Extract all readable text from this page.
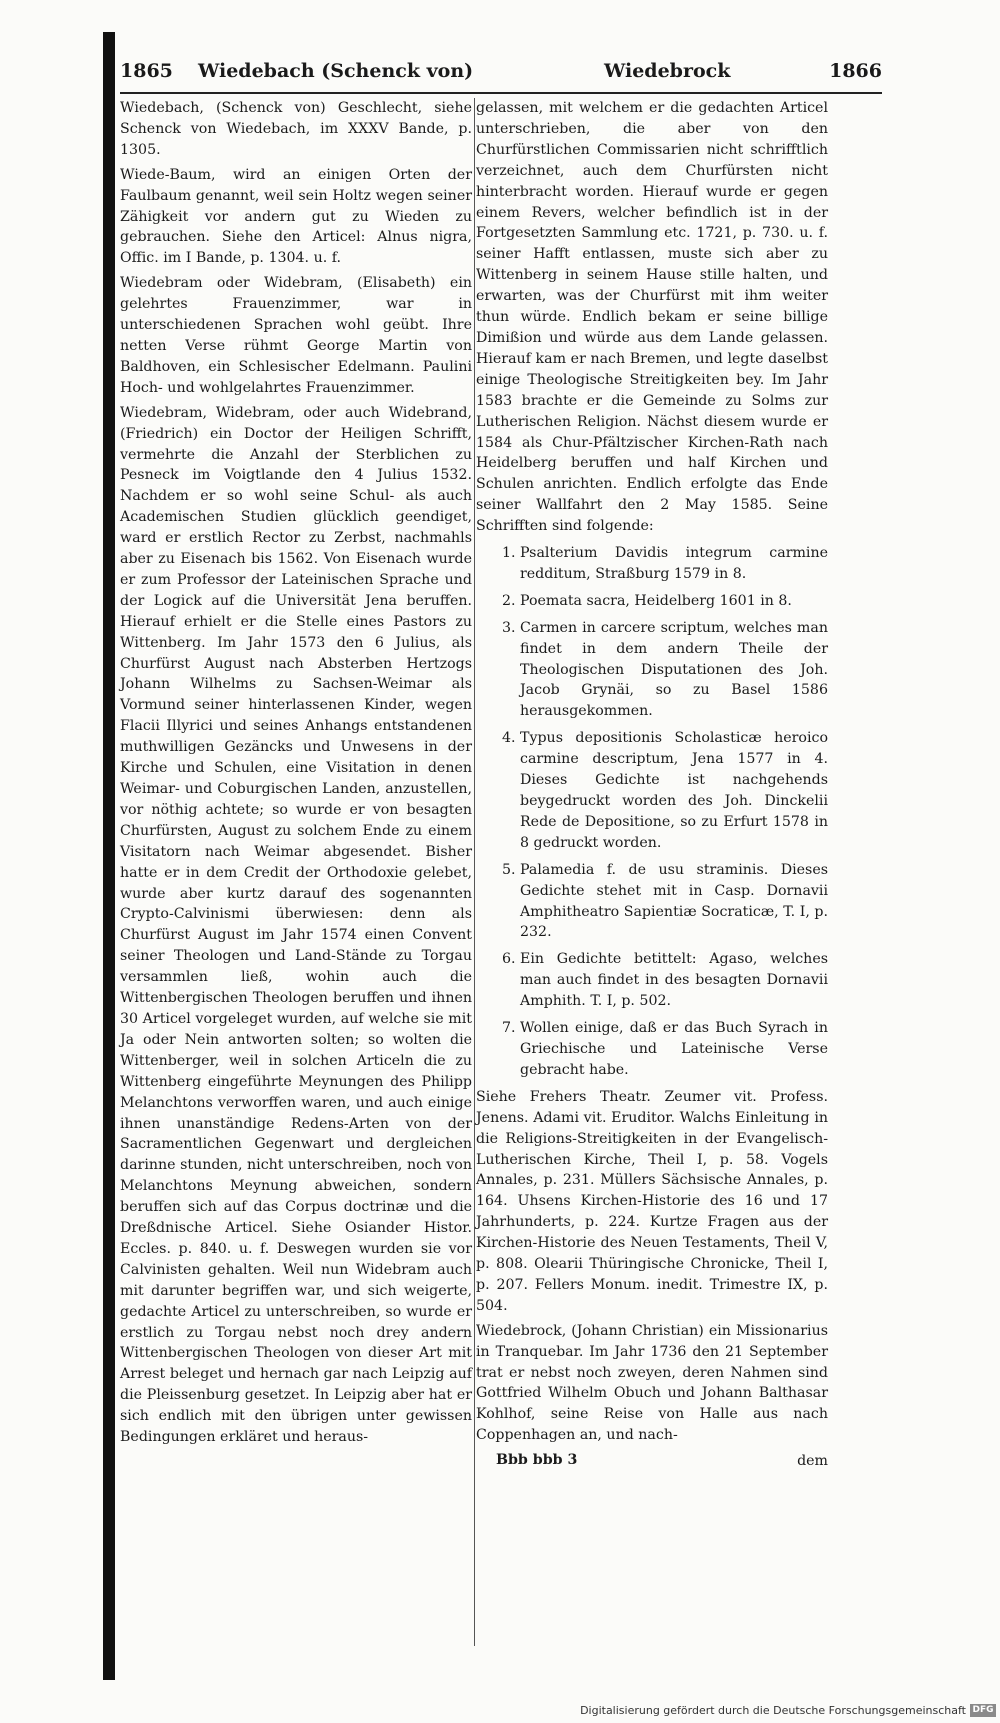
1865 Wiedebach (Schenck von)	Wiedebrock	1866

Wiedebach, (Schenck von) Geschlecht, siehe Schenck von Wiedebach, im XXXV Bande, p. 1305.

Wiede-Baum, wird an einigen Orten der Faulbaum genannt, weil sein Holtz wegen seiner Zähigkeit vor andern gut zu Wieden zu gebrauchen. Siehe den Articel: Alnus nigra, Offic. im I Bande, p. 1304. u. f.

Wiedebram oder Widebram, (Elisabeth) ein gelehrtes Frauenzimmer, war in unterschiedenen Sprachen wohl geübt. Ihre netten Verse rühmt George Martin von Baldhoven, ein Schlesischer Edelmann. Paulini Hoch- und wohlgelahrtes Frauenzimmer.

Wiedebram, Widebram, oder auch Widebrand, (Friedrich) ein Doctor der Heiligen Schrifft, vermehrte die Anzahl der Sterblichen zu Pesneck im Voigtlande den 4 Julius 1532. Nachdem er so wohl seine Schul- als auch Academischen Studien glücklich geendiget, ward er erstlich Rector zu Zerbst, nachmahls aber zu Eisenach bis 1562. Von Eisenach wurde er zum Professor der Lateinischen Sprache und der Logick auf die Universität Jena beruffen. Hierauf erhielt er die Stelle eines Pastors zu Wittenberg. Im Jahr 1573 den 6 Julius, als Churfürst August nach Absterben Hertzogs Johann Wilhelms zu Sachsen-Weimar als Vormund seiner hinterlassenen Kinder, wegen Flacii Illyrici und seines Anhangs entstandenen muthwilligen Gezäncks und Unwesens in der Kirche und Schulen, eine Visitation in denen Weimar- und Coburgischen Landen, anzustellen, vor nöthig achtete; so wurde er von besagten Churfürsten, August zu solchem Ende zu einem Visitatorn nach Weimar abgesendet. Bisher hatte er in dem Credit der Orthodoxie gelebet, wurde aber kurtz darauf des sogenannten Crypto-Calvinismi überwiesen: denn als Churfürst August im Jahr 1574 einen Convent seiner Theologen und Land-Stände zu Torgau versammlen ließ, wohin auch die Wittenbergischen Theologen beruffen und ihnen 30 Articel vorgeleget wurden, auf welche sie mit Ja oder Nein antworten solten; so wolten die Wittenberger, weil in solchen Articeln die zu Wittenberg eingeführte Meynungen des Philipp Melanchtons verworffen waren, und auch einige ihnen unanständige Redens-Arten von der Sacramentlichen Gegenwart und dergleichen darinne stunden, nicht unterschreiben, noch von Melanchtons Meynung abweichen, sondern beruffen sich auf das Corpus doctrinæ und die Dreßdnische Articel. Siehe Osiander Histor. Eccles. p. 840. u. f. Deswegen wurden sie vor Calvinisten gehalten. Weil nun Widebram auch mit darunter begriffen war, und sich weigerte, gedachte Articel zu unterschreiben, so wurde er erstlich zu Torgau nebst noch drey andern Wittenbergischen Theologen von dieser Art mit Arrest beleget und hernach gar nach Leipzig auf die Pleissenburg gesetzet. In Leipzig aber hat er sich endlich mit den übrigen unter gewissen Bedingungen erkläret und heraus-

gelassen, mit welchem er die gedachten Articel unterschrieben, die aber von den Churfürstlichen Commissarien nicht schrifftlich verzeichnet, auch dem Churfürsten nicht hinterbracht worden. Hierauf wurde er gegen einem Revers, welcher befindlich ist in der Fortgesetzten Sammlung etc. 1721, p. 730. u. f. seiner Hafft entlassen, muste sich aber zu Wittenberg in seinem Hause stille halten, und erwarten, was der Churfürst mit ihm weiter thun würde. Endlich bekam er seine billige Dimißion und würde aus dem Lande gelassen. Hierauf kam er nach Bremen, und legte daselbst einige Theologische Streitigkeiten bey. Im Jahr 1583 brachte er die Gemeinde zu Solms zur Lutherischen Religion. Nächst diesem wurde er 1584 als Chur-Pfältzischer Kirchen-Rath nach Heidelberg beruffen und half Kirchen und Schulen anrichten. Endlich erfolgte das Ende seiner Wallfahrt den 2 May 1585. Seine Schrifften sind folgende:

1. Psalterium Davidis integrum carmine redditum, Straßburg 1579 in 8.
2. Poemata sacra, Heidelberg 1601 in 8.
3. Carmen in carcere scriptum, welches man findet in dem andern Theile der Theologischen Disputationen des Joh. Jacob Grynäi, so zu Basel 1586 herausgekommen.
4. Typus depositionis Scholasticæ heroico carmine descriptum, Jena 1577 in 4. Dieses Gedichte ist nachgehends beygedruckt worden des Joh. Dinckelii Rede de Depositione, so zu Erfurt 1578 in 8 gedruckt worden.
5. Palamedia f. de usu straminis. Dieses Gedichte stehet mit in Casp. Dornavii Amphitheatro Sapientiæ Socraticæ, T. I, p. 232.
6. Ein Gedichte betittelt: Agaso, welches man auch findet in des besagten Dornavii Amphith. T. I, p. 502.
7. Wollen einige, daß er das Buch Syrach in Griechische und Lateinische Verse gebracht habe.

Siehe Frehers Theatr. Zeumer vit. Profess. Jenens. Adami vit. Eruditor. Walchs Einleitung in die Religions-Streitigkeiten in der Evangelisch-Lutherischen Kirche, Theil I, p. 58. Vogels Annales, p. 231. Müllers Sächsische Annales, p. 164. Uhsens Kirchen-Historie des 16 und 17 Jahrhunderts, p. 224. Kurtze Fragen aus der Kirchen-Historie des Neuen Testaments, Theil V, p. 808. Olearii Thüringische Chronicke, Theil I, p. 207. Fellers Monum. inedit. Trimestre IX, p. 504.

Wiedebrock, (Johann Christian) ein Missionarius in Tranquebar. Im Jahr 1736 den 21 September trat er nebst noch zweyen, deren Nahmen sind Gottfried Wilhelm Obuch und Johann Balthasar Kohlhof, seine Reise von Halle aus nach Coppenhagen an, und nach-

Bbb bbb 3	dem
Digitalisierung gefördert durch die Deutsche Forschungsgemeinschaft DFG
